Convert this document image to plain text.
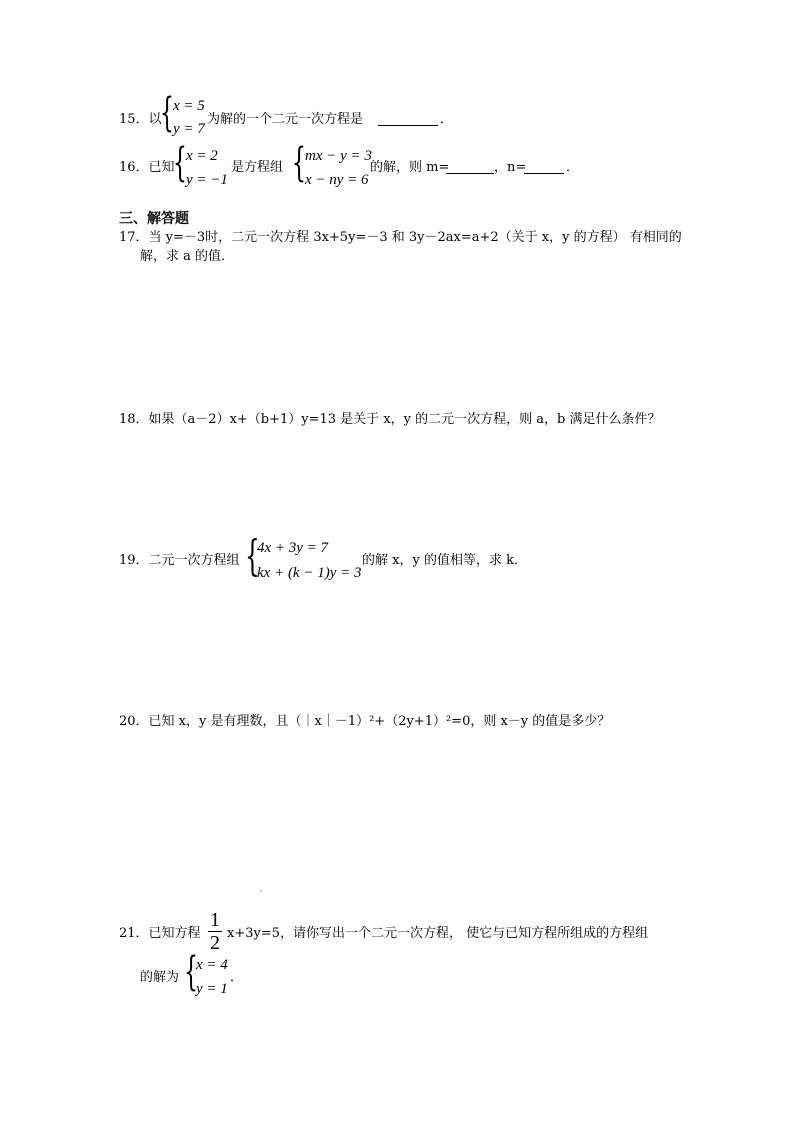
15．以
{ x = 5
y = 7
为解的一个二元一次方程是	．
16．已知
{ x = 2
y = −1
是方程组 { mx − y = 3
x − ny = 6
的解，则 m=	，n=	．
三、解答题
17．当 y=－3时，二元一次方程 3x+5y=－3 和 3y－2ax=a+2（关于 x，y 的方程） 有相同的
解，求 a 的值．
18．如果（a－2）x+（b+1）y=13 是关于 x，y 的二元一次方程，则 a，b 满足什么条件？
19．二元一次方程组 {
4x + 3y = 7
kx + (k − 1)y = 3
的解 x，y 的值相等，求 k．
20．已知 x，y 是有理数，且（｜x｜－1）²+（2y+1）²=0，则 x－y 的值是多少？
21．已知方程
1
2 x+3y=5，请你写出一个二元一次方程， 使它与已知方程所组成的方程组
的解为 {
x = 4
y = 1
．
